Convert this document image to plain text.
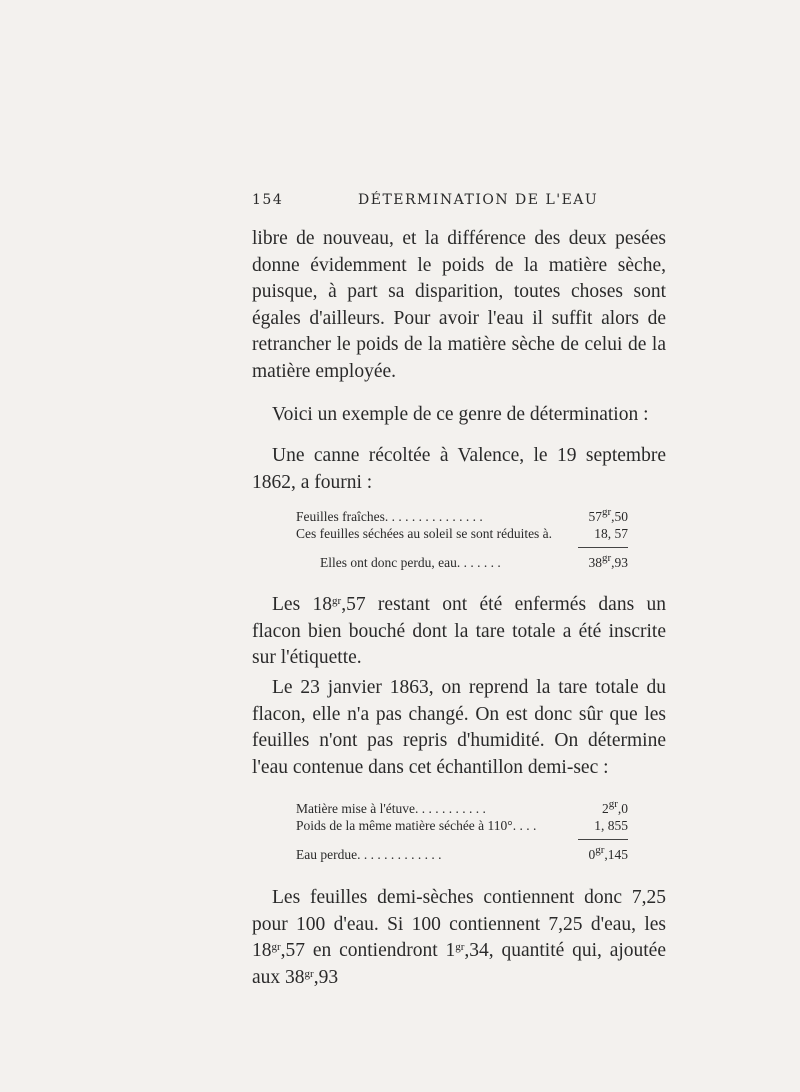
154	DÉTERMINATION DE L'EAU

libre de nouveau, et la différence des deux pesées donne évidemment le poids de la matière sèche, puisque, à part sa disparition, toutes choses sont égales d'ailleurs. Pour avoir l'eau il suffit alors de retrancher le poids de la matière sèche de celui de la matière employée.

Voici un exemple de ce genre de détermination :

Une canne récoltée à Valence, le 19 septembre 1862, a fourni :

Feuilles fraîches. . . . . . . . . . . . . . .	$57^{gr},50$
Ces feuilles séchées au soleil se sont réduites à.	18, 57
Elles ont donc perdu, eau. . . . . . .	$38^{gr},93$

Les $18^{gr},57$ restant ont été enfermés dans un flacon bien bouché dont la tare totale a été inscrite sur l'étiquette.

Le 23 janvier 1863, on reprend la tare totale du flacon, elle n'a pas changé. On est donc sûr que les feuilles n'ont pas repris d'humidité. On détermine l'eau contenue dans cet échantillon demi-sec :

Matière mise à l'étuve. . . . . . . . . . .	$2^{gr},0$
Poids de la même matière séchée à 110°. . . .	1, 855
Eau perdue. . . . . . . . . . . . .	$0^{gr},145$

Les feuilles demi-sèches contiennent donc 7,25 pour 100 d'eau. Si 100 contiennent 7,25 d'eau, les $18^{gr},57$ en contiendront $1^{gr},34$, quantité qui, ajoutée aux $38^{gr},93$
